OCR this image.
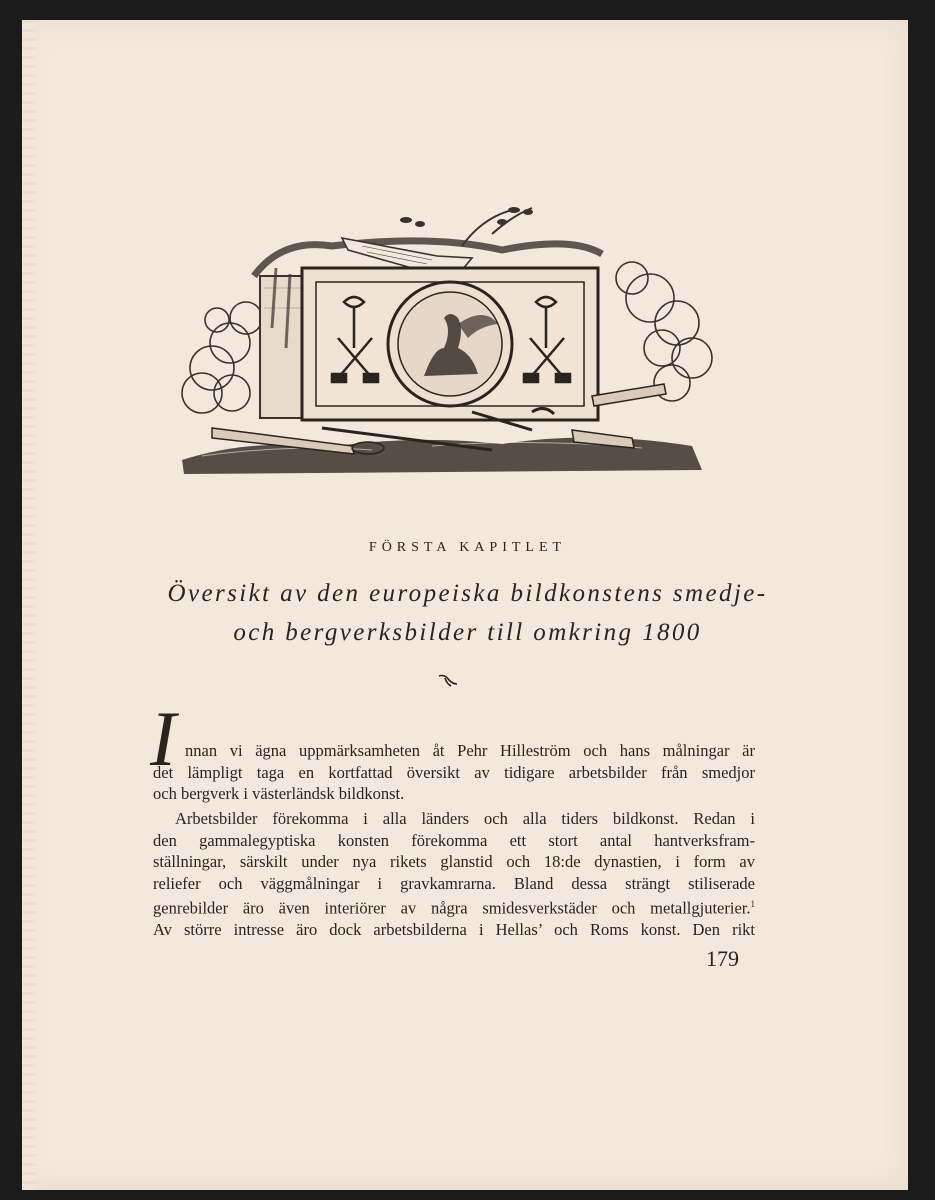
FÖRSTA KAPITLET
Översikt av den europeiska bildkonstens smedje-
och bergverksbilder till omkring 1800
I nnan vi ägna uppmärksamheten åt Pehr Hilleström och hans målningar är
det lämpligt taga en kortfattad översikt av tidigare arbetsbilder från smedjor
och bergverk i västerländsk bildkonst.
Arbetsbilder förekomma i alla länders och alla tiders bildkonst. Redan i
den gammalegyptiska konsten förekomma ett stort antal hantverksfram-
ställningar, särskilt under nya rikets glanstid och 18:de dynastien, i form av
reliefer och väggmålningar i gravkamrarna. Bland dessa strängt stiliserade
genrebilder äro även interiörer av några smidesverkstäder och metallgjuterier.$^1$
Av större intresse äro dock arbetsbilderna i Hellas’ och Roms konst. Den rikt
179
